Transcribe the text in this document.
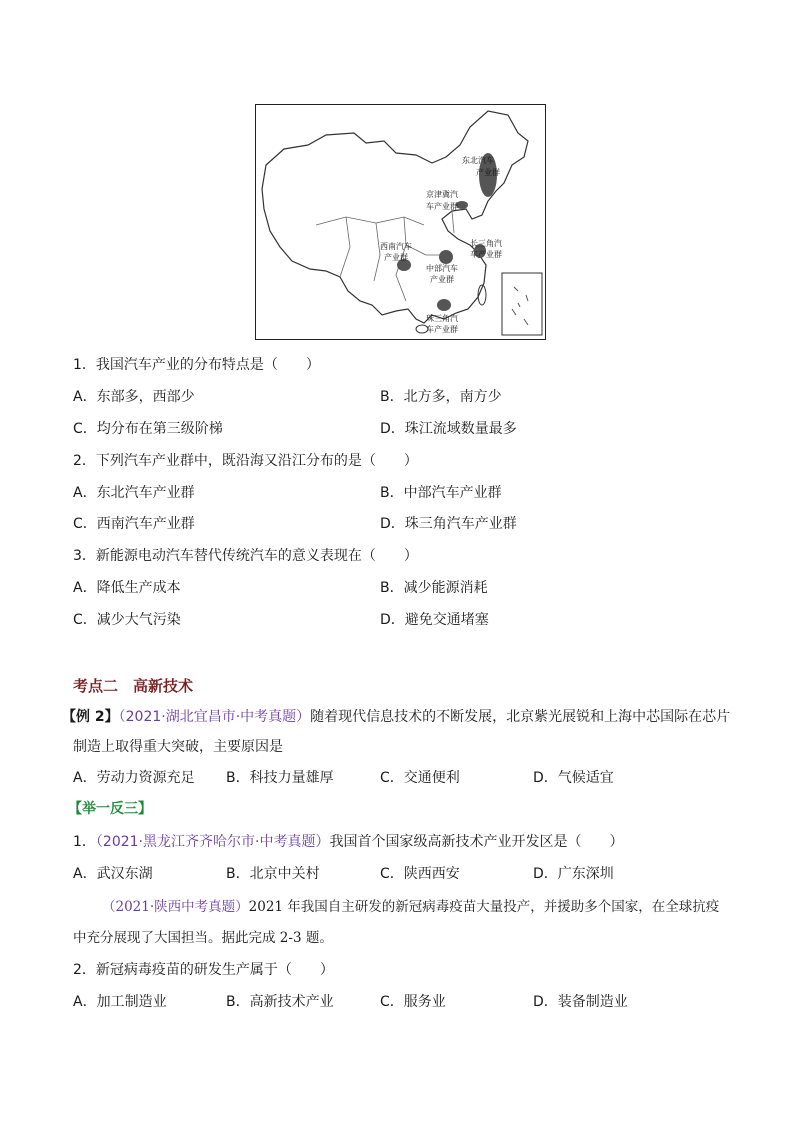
东北汽车
产业群
京津冀汽
车产业群
西南汽车
产业群
中部汽车
产业群
长三角汽
车产业群
珠三角汽
车产业群
1．我国汽车产业的分布特点是（　　）
A．东部多，西部少	B．北方多，南方少
C．均分布在第三级阶梯	D．珠江流域数量最多
2．下列汽车产业群中，既沿海又沿江分布的是（　　）
A．东北汽车产业群	B．中部汽车产业群
C．西南汽车产业群	D．珠三角汽车产业群
3．新能源电动汽车替代传统汽车的意义表现在（　　）
A．降低生产成本	B．减少能源消耗
C．减少大气污染	D．避免交通堵塞
考点二　高新技术
【例 2】（2021·湖北宜昌市·中考真题）随着现代信息技术的不断发展，北京紫光展锐和上海中芯国际在芯片
制造上取得重大突破，主要原因是
A．劳动力资源充足 B．科技力量雄厚	C．交通便利	D．气候适宜
【举一反三】
1．（2021·黑龙江齐齐哈尔市·中考真题）我国首个国家级高新技术产业开发区是（　　）
A．武汉东湖	B．北京中关村	C．陕西西安	D．广东深圳
（2021·陕西中考真题）2021 年我国自主研发的新冠病毒疫苗大量投产，并援助多个国家，在全球抗疫
中充分展现了大国担当。据此完成 2-3 题。
2．新冠病毒疫苗的研发生产属于（　　）
A．加工制造业	B．高新技术产业	C．服务业	D．装备制造业
